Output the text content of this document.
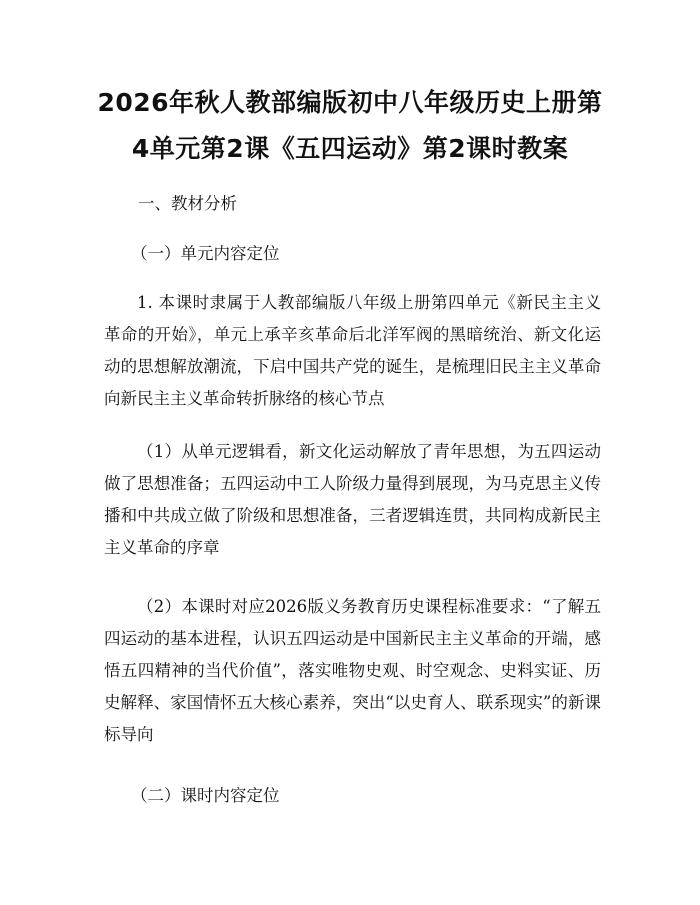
2026年秋人教部编版初中八年级历史上册第
4单元第2课《五四运动》第2课时教案
一、教材分析
（一）单元内容定位

1. 本课时隶属于人教部编版八年级上册第四单元《新民主主义革命的开始》，单元上承辛亥革命后北洋军阀的黑暗统治、新文化运动的思想解放潮流，下启中国共产党的诞生，是梳理旧民主主义革命向新民主主义革命转折脉络的核心节点

（1）从单元逻辑看，新文化运动解放了青年思想，为五四运动做了思想准备；五四运动中工人阶级力量得到展现，为马克思主义传播和中共成立做了阶级和思想准备，三者逻辑连贯，共同构成新民主主义革命的序章

（2）本课时对应2026版义务教育历史课程标准要求：“了解五四运动的基本进程，认识五四运动是中国新民主主义革命的开端，感悟五四精神的当代价值”，落实唯物史观、时空观念、史料实证、历史解释、家国情怀五大核心素养，突出“以史育人、联系现实”的新课标导向

（二）课时内容定位
